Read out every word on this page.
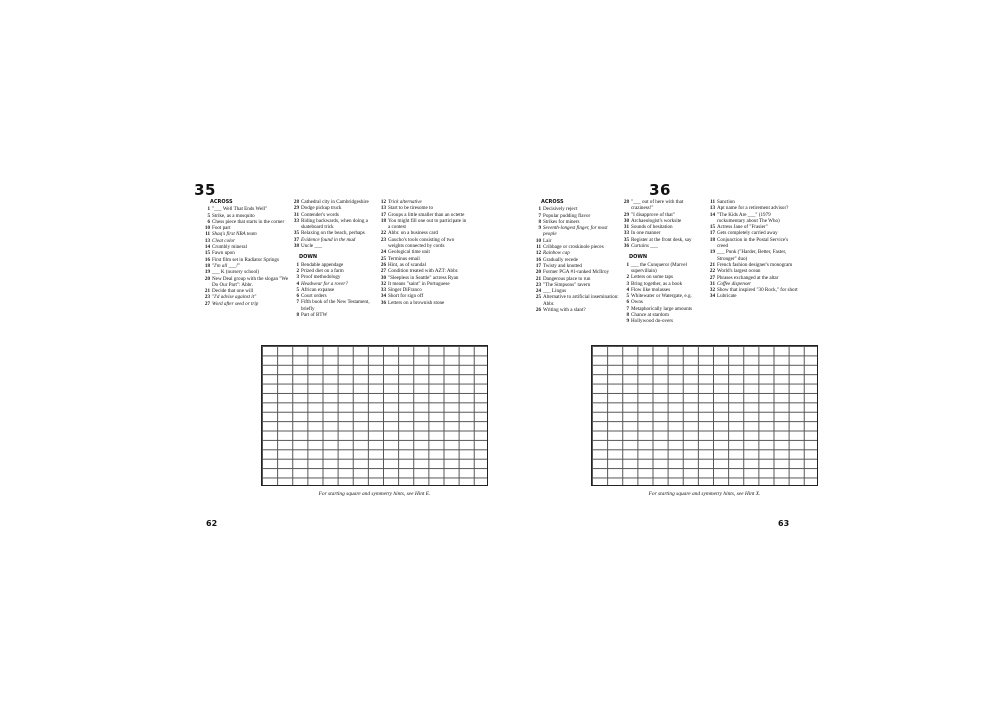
35
ACROSS
1 "___ Well That Ends Well"
5 Strike, as a mosquito
6 Chess piece that starts in the corner
10 Foot part
11 Shaq's first NBA team
13 Cleat color
14 Crumbly mineral
15 Fawn upon
16 First film set in Radiator Springs
18 "I'm all ___!"
19 ___ K (nursery school)
20 New Deal group with the slogan "We Do Our Part": Abbr.
21 Decide that one will
23 "I'd advise against it"
27 Word after seed or trip
28 Cathedral city in Cambridgeshire
29 Dodge pickup truck
31 Contender's words
33 Riding backwards, when doing a skateboard trick
35 Relaxing on the beach, perhaps
37 Evidence found in the mud
38 Uncle ___
DOWN
1 Bendable appendage
2 Prized diet on a farm
3 Proof methodology
4 Headwear for a rover?
5 African expanse
6 Court orders
7 Fifth book of the New Testament, briefly
8 Part of BTW
12 Trick alternative
13 Start to be tiresome to
17 Groups a little smaller than an octette
18 You might fill one out to participate in a contest
22 Abbr. on a business card
23 Gaucho's tools consisting of two weights connected by cords
24 Geological time unit
25 Terminus email
26 Hint, as of scandal
27 Condition treated with AZT: Abbr.
30 "Sleepless in Seattle" actress Ryan
32 It means "saint" in Portuguese
33 Singer DiFranco
34 Short for sign off
36 Letters on a brownish stone
For starting square and symmetry hints, see Hint E.
62
36
ACROSS
1 Decisively reject
7 Popular pudding flavor
8 Strikes for miners
9 Seventh-longest finger, for most people
10 Lair
11 Cribbage or croskinole pieces
12 Rainbow cap
16 Gradually recede
17 Twisty and knotted
20 Former PGA #1-ranked McIlroy
21 Dangerous place to run
23 "The Simpsons" tavern
24 ___ Lingus
25 Alternative to artificial insemination: Abbr.
26 Writing with a slant?
28 "___ out of here with that craziness!"
29 "I disapprove of that"
30 Archaeologist's worksite
31 Sounds of hesitation
33 In one manner
35 Register at the front desk, say
36 Curtains ___
DOWN
1 ___ the Conqueror (Marvel supervillain)
2 Letters on some taps
3 Bring together, as a book
4 Flow like molasses
5 Whitewater or Watergate, e.g.
6 Owns
7 Metaphorically large amounts
8 Chance at stardom
9 Hollywood do-overs
11 Sanction
13 Apt name for a retirement advisor?
14 "The Kids Are ___" (1979 rockumentary about The Who)
15 Actress Jane of "Frasier"
17 Gets completely carried away
18 Conjunction in the Postal Service's creed
19 ___ Punk ("Harder, Better, Faster, Stronger" duo)
21 French fashion designer's monogram
22 World's largest ocean
27 Phrases exchanged at the altar
31 Coffee dispenser
32 Show that inspired "30 Rock," for short
34 Lubricate
For starting square and symmetry hints, see Hint X.
63
